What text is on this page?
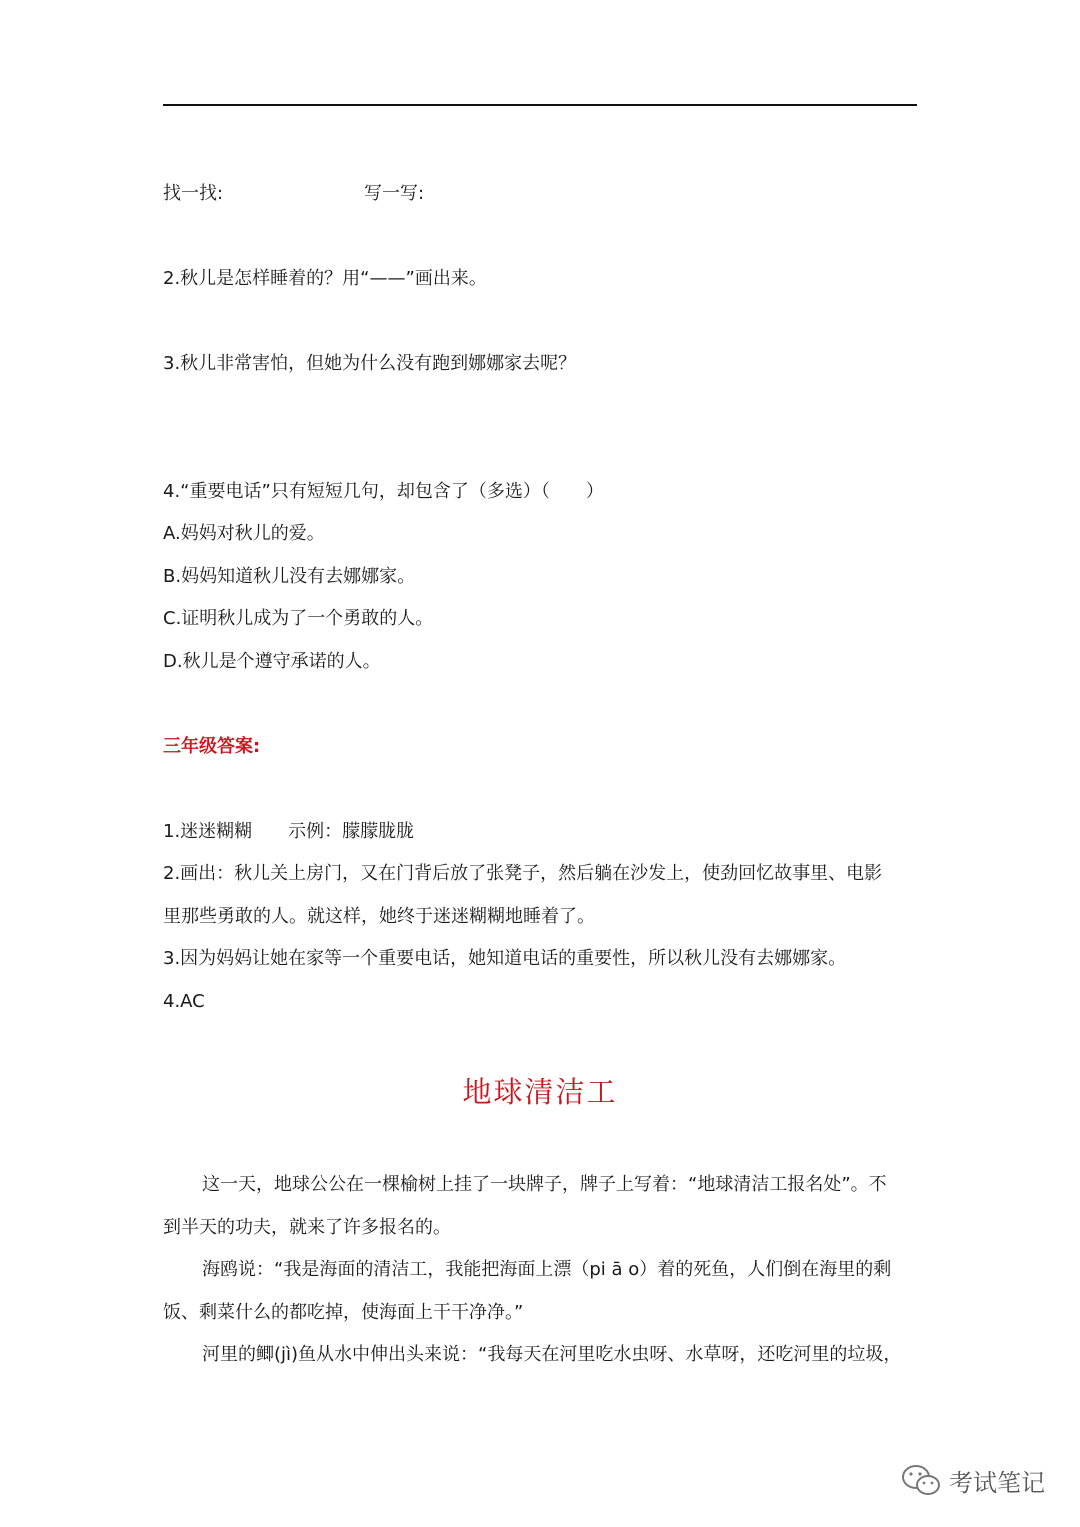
找一找:	写一写:
2.秋儿是怎样睡着的？用“——”画出来。
3.秋儿非常害怕，但她为什么没有跑到娜娜家去呢？
4.“重要电话”只有短短几句，却包含了（多选）（　　）
A.妈妈对秋儿的爱。
B.妈妈知道秋儿没有去娜娜家。
C.证明秋儿成为了一个勇敢的人。
D.秋儿是个遵守承诺的人。
三年级答案:
1.迷迷糊糊　　示例：朦朦胧胧
2.画出：秋儿关上房门，又在门背后放了张凳子，然后躺在沙发上，使劲回忆故事里、电影
里那些勇敢的人。就这样，她终于迷迷糊糊地睡着了。
3.因为妈妈让她在家等一个重要电话，她知道电话的重要性，所以秋儿没有去娜娜家。
4.AC
地球清洁工
这一天，地球公公在一棵榆树上挂了一块牌子，牌子上写着：“地球清洁工报名处”。不
到半天的功夫，就来了许多报名的。
海鸥说：“我是海面的清洁工，我能把海面上漂（pi ā o）着的死鱼，人们倒在海里的剩
饭、剩菜什么的都吃掉，使海面上干干净净。”
河里的鲫(jì)鱼从水中伸出头来说：“我每天在河里吃水虫呀、水草呀，还吃河里的垃圾，
考试笔记
